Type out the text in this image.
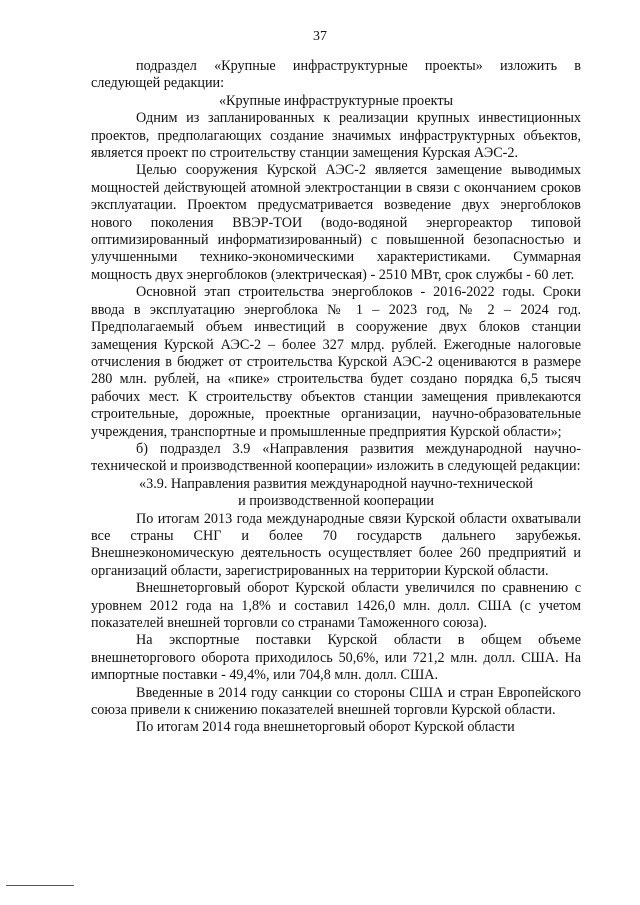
37

подраздел «Крупные инфраструктурные проекты» изложить в следующей редакции:

«Крупные инфраструктурные проекты

Одним из запланированных к реализации крупных инвестиционных проектов, предполагающих создание значимых инфраструктурных объектов, является проект по строительству станции замещения Курская АЭС-2.

Целью сооружения Курской АЭС-2 является замещение выводимых мощностей действующей атомной электростанции в связи с окончанием сроков эксплуатации. Проектом предусматривается возведение двух энергоблоков нового поколения ВВЭР-ТОИ (водо-водяной энергореактор типовой оптимизированный информатизированный) с повышенной безопасностью и улучшенными технико-экономическими характеристиками. Суммарная мощность двух энергоблоков (электрическая) - 2510 МВт, срок службы - 60 лет.

Основной этап строительства энергоблоков - 2016-2022 годы. Сроки ввода в эксплуатацию энергоблока № 1 – 2023 год, № 2 – 2024 год. Предполагаемый объем инвестиций в сооружение двух блоков станции замещения Курской АЭС-2 – более 327 млрд. рублей. Ежегодные налоговые отчисления в бюджет от строительства Курской АЭС-2 оцениваются в размере 280 млн. рублей, на «пике» строительства будет создано порядка 6,5 тысяч рабочих мест. К строительству объектов станции замещения привлекаются строительные, дорожные, проектные организации, научно-образовательные учреждения, транспортные и промышленные предприятия Курской области»;

б) подраздел 3.9 «Направления развития международной научно-технической и производственной кооперации» изложить в следующей редакции:

«3.9. Направления развития международной научно-технической
и производственной кооперации

По итогам 2013 года международные связи Курской области охватывали все страны СНГ и более 70 государств дальнего зарубежья. Внешнеэкономическую деятельность осуществляет более 260 предприятий и организаций области, зарегистрированных на территории Курской области.

Внешнеторговый оборот Курской области увеличился по сравнению с уровнем 2012 года на 1,8% и составил 1426,0 млн. долл. США (с учетом показателей внешней торговли со странами Таможенного союза).

На экспортные поставки Курской области в общем объеме внешнеторгового оборота приходилось 50,6%, или 721,2 млн. долл. США. На импортные поставки - 49,4%, или 704,8 млн. долл. США.

Введенные в 2014 году санкции со стороны США и стран Европейского союза привели к снижению показателей внешней торговли Курской области.

По итогам 2014 года внешнеторговый оборот Курской области
